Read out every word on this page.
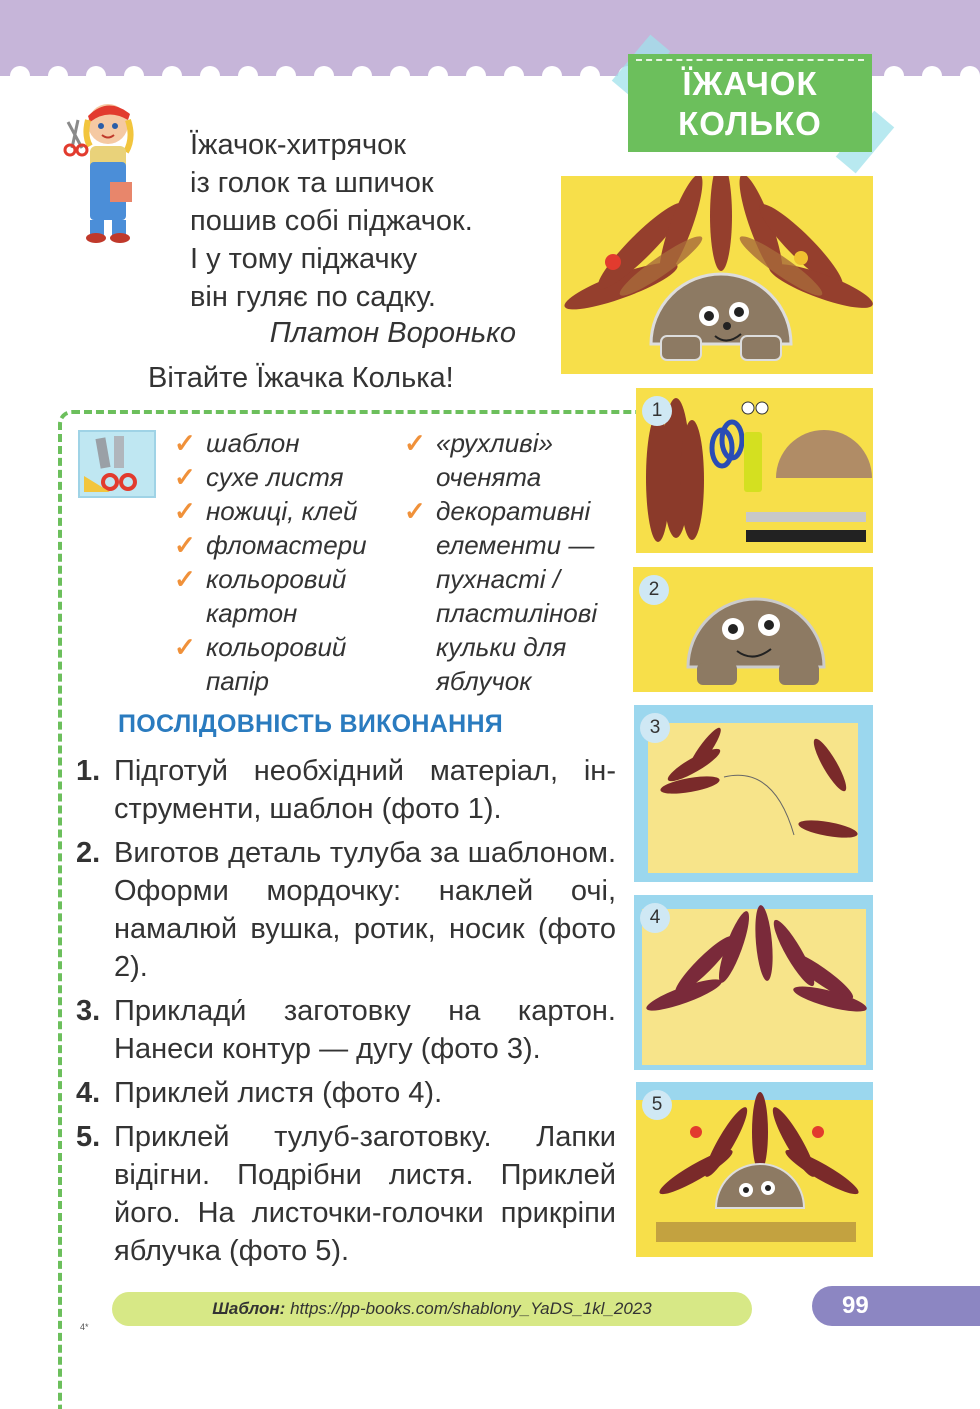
ЇЖАЧОК
КОЛЬКО
Їжачок-хитрячок
із голок та шпичок
пошив собі піджачок.
І у тому піджачку
він гуляє по садку.
Платон Воронько
Вітайте Їжачка Колька!
✓ шаблон
✓ сухе листя
✓ ножиці, клей
✓ фломастери
✓ кольоровий
картон
✓ кольоровий
папір
✓ «рухливі»
оченята
✓ декоративні
елементи —
пухнасті /
пластилінові
кульки для
яблучок
ПОСЛІДОВНІСТЬ ВИКОНАННЯ
1. Підготуй необхідний матеріал, інструменти, шаблон (фото 1).
2. Виготов деталь тулуба за шаблоном. Оформи мордочку: наклей очі, намалюй вушка, ротик, носик (фото 2).
3. Приклади́ заготовку на картон. Нанеси контур — дугу (фото 3).
4. Приклей листя (фото 4).
5. Приклей тулуб-заготовку. Лапки відігни. Подрібни листя. Приклей його. На листочки-голочки прикріпи яблучка (фото 5).
1
2
3
4
5
Шаблон: https://pp-books.com/shablony_YaDS_1kl_2023	99
4*
